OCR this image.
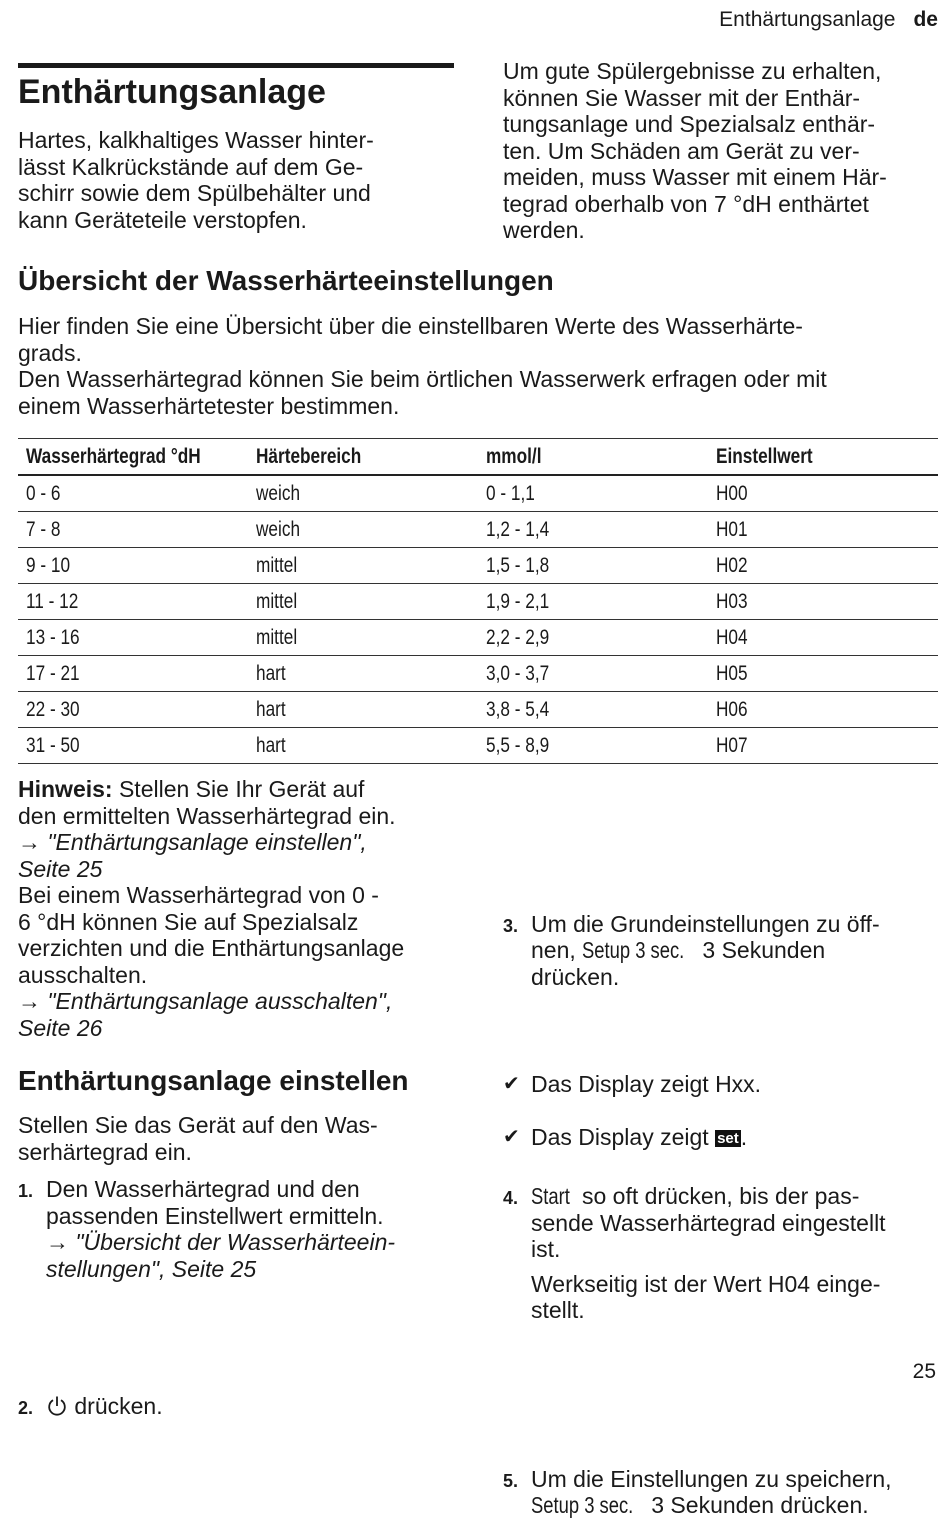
Enthärtungsanlage de
Enthärtungsanlage
Hartes, kalkhaltiges Wasser hinter-
lässt Kalkrückstände auf dem Ge-
schirr sowie dem Spülbehälter und
kann Geräteteile verstopfen.
Um gute Spülergebnisse zu erhalten,
können Sie Wasser mit der Enthär-
tungsanlage und Spezialsalz enthär-
ten. Um Schäden am Gerät zu ver-
meiden, muss Wasser mit einem Här-
tegrad oberhalb von 7 °dH enthärtet
werden.
Übersicht der Wasserhärteeinstellungen
Hier finden Sie eine Übersicht über die einstellbaren Werte des Wasserhärte-
grads.
Den Wasserhärtegrad können Sie beim örtlichen Wasserwerk erfragen oder mit
einem Wasserhärtetester bestimmen.
Wasserhärtegrad °dH	Härtebereich	mmol/l	Einstellwert
0 - 6	weich	0 - 1,1	H00
7 - 8	weich	1,2 - 1,4	H01
9 - 10	mittel	1,5 - 1,8	H02
11 - 12	mittel	1,9 - 2,1	H03
13 - 16	mittel	2,2 - 2,9	H04
17 - 21	hart	3,0 - 3,7	H05
22 - 30	hart	3,8 - 5,4	H06
31 - 50	hart	5,5 - 8,9	H07
Hinweis: Stellen Sie Ihr Gerät auf
den ermittelten Wasserhärtegrad ein.
→ "Enthärtungsanlage einstellen",
Seite 25
Bei einem Wasserhärtegrad von 0 -
6 °dH können Sie auf Spezialsalz
verzichten und die Enthärtungsanlage
ausschalten.
→ "Enthärtungsanlage ausschalten",
Seite 26
Enthärtungsanlage einstellen
Stellen Sie das Gerät auf den Was-
serhärtegrad ein.
1. Den Wasserhärtegrad und den
passenden Einstellwert ermitteln.
→ "Übersicht der Wasserhärteein-
stellungen", Seite 25
2. drücken.
3. Um die Grundeinstellungen zu öff-
nen, Setup 3 sec. 3 Sekunden
drücken.
✔ Das Display zeigt Hxx.
✔ Das Display zeigt set.
4. Start so oft drücken, bis der pas-
sende Wasserhärtegrad eingestellt
ist.
Werkseitig ist der Wert H04 einge-
stellt.
5. Um die Einstellungen zu speichern,
Setup 3 sec. 3 Sekunden drücken.
25
